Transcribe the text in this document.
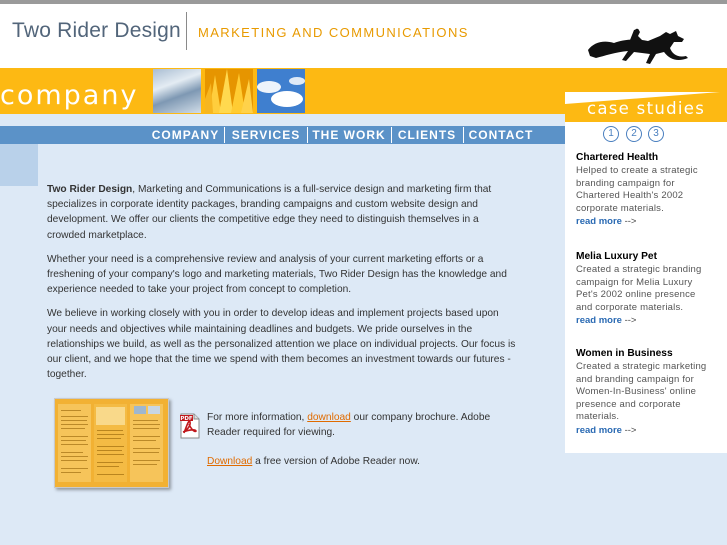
Two Rider Design MARKETING AND COMMUNICATIONS
company
COMPANY	SERVICES	THE WORK	CLIENTS	CONTACT

Two Rider Design, Marketing and Communications is a full-service design and marketing firm that specializes in corporate identity packages, branding campaigns and custom website design and development. We offer our clients the competitive edge they need to distinguish themselves in a crowded marketplace.

Whether your need is a comprehensive review and analysis of your current marketing efforts or a freshening of your company's logo and marketing materials, Two Rider Design has the knowledge and experience needed to take your project from concept to completion.

We believe in working closely with you in order to develop ideas and implement projects based upon your needs and objectives while maintaining deadlines and budgets. We pride ourselves in the relationships we build, as well as the personalized attention we place on individual projects. Our focus is our client, and we hope that the time we spend with them becomes an investment towards our futures - together.

PDF For more information, download our company brochure. Adobe Reader required for viewing.
Download a free version of Adobe Reader now.
case studies
1	2	3
Chartered Health
Helped to create a strategic branding campaign for Chartered Health's 2002 corporate materials.
read more -->
Melia Luxury Pet
Created a strategic branding campaign for Melia Luxury Pet's 2002 online presence and corporate materials.
read more -->
Women in Business
Created a strategic marketing and branding campaign for Women-In-Business' online presence and corporate materials.
read more -->
